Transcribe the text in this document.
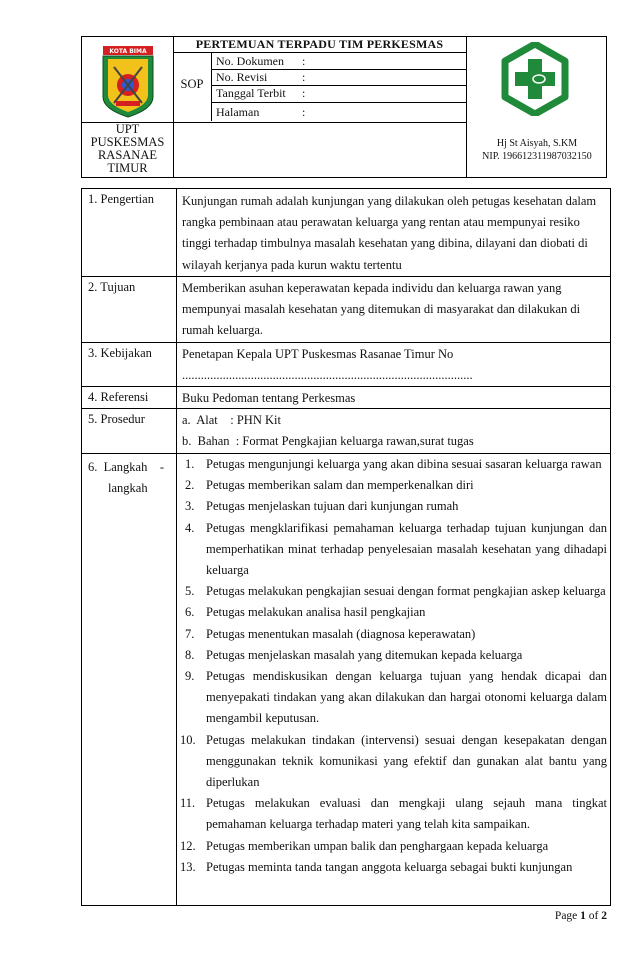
KOTA BIMA
UPT
PUSKESMAS
RASANAE
TIMUR
PERTEMUAN TERPADU TIM PERKESMAS
SOP
No. Dokumen :
No. Revisi	:
Tanggal Terbit :
Halaman	:
Hj St Aisyah, S.KM
NIP. 196612311987032150
1. Pengertian Kunjungan rumah adalah kunjungan yang dilakukan oleh petugas kesehatan dalam

rangka pembinaan atau perawatan keluarga yang rentan atau mempunyai resiko

tinggi terhadap timbulnya masalah kesehatan yang dibina, dilayani dan diobati di

wilayah kerjanya pada kurun waktu tertentu

2. Tujuan	Memberikan asuhan keperawatan kepada individu dan keluarga rawan yang

mempunyai masalah kesehatan yang ditemukan di masyarakat dan dilakukan di

rumah keluarga.

3. Kebijakan Penetapan Kepala UPT Puskesmas Rasanae Timur No

.............................................................................................

4. Referensi	Buku Pedoman tentang Perkesmas

5. Prosedur	a.  Alat    : PHN Kit

b.  Bahan  : Format Pengkajian keluarga rawan,surat tugas

6.  Langkah    -
langkah
1. Petugas mengunjungi keluarga yang akan dibina sesuai sasaran keluarga rawan
2. Petugas memberikan salam dan memperkenalkan diri
3. Petugas menjelaskan tujuan dari kunjungan rumah
4. Petugas mengklarifikasi pemahaman keluarga terhadap tujuan kunjungan dan memperhatikan minat terhadap penyelesaian masalah kesehatan yang dihadapi keluarga
5. Petugas melakukan pengkajian sesuai dengan format pengkajian askep keluarga
6. Petugas melakukan analisa hasil pengkajian
7. Petugas menentukan masalah (diagnosa keperawatan)
8. Petugas menjelaskan masalah yang ditemukan kepada keluarga
9. Petugas mendiskusikan dengan keluarga tujuan yang hendak dicapai dan menyepakati tindakan yang akan dilakukan dan hargai otonomi keluarga dalam mengambil keputusan.
10. Petugas melakukan tindakan (intervensi) sesuai dengan kesepakatan dengan menggunakan teknik komunikasi yang efektif dan gunakan alat bantu yang diperlukan
11. Petugas melakukan evaluasi dan mengkaji ulang sejauh mana tingkat pemahaman keluarga terhadap materi yang telah kita sampaikan.
12. Petugas memberikan umpan balik dan penghargaan kepada keluarga
13. Petugas meminta tanda tangan anggota keluarga sebagai bukti kunjungan
Page 1 of 2
